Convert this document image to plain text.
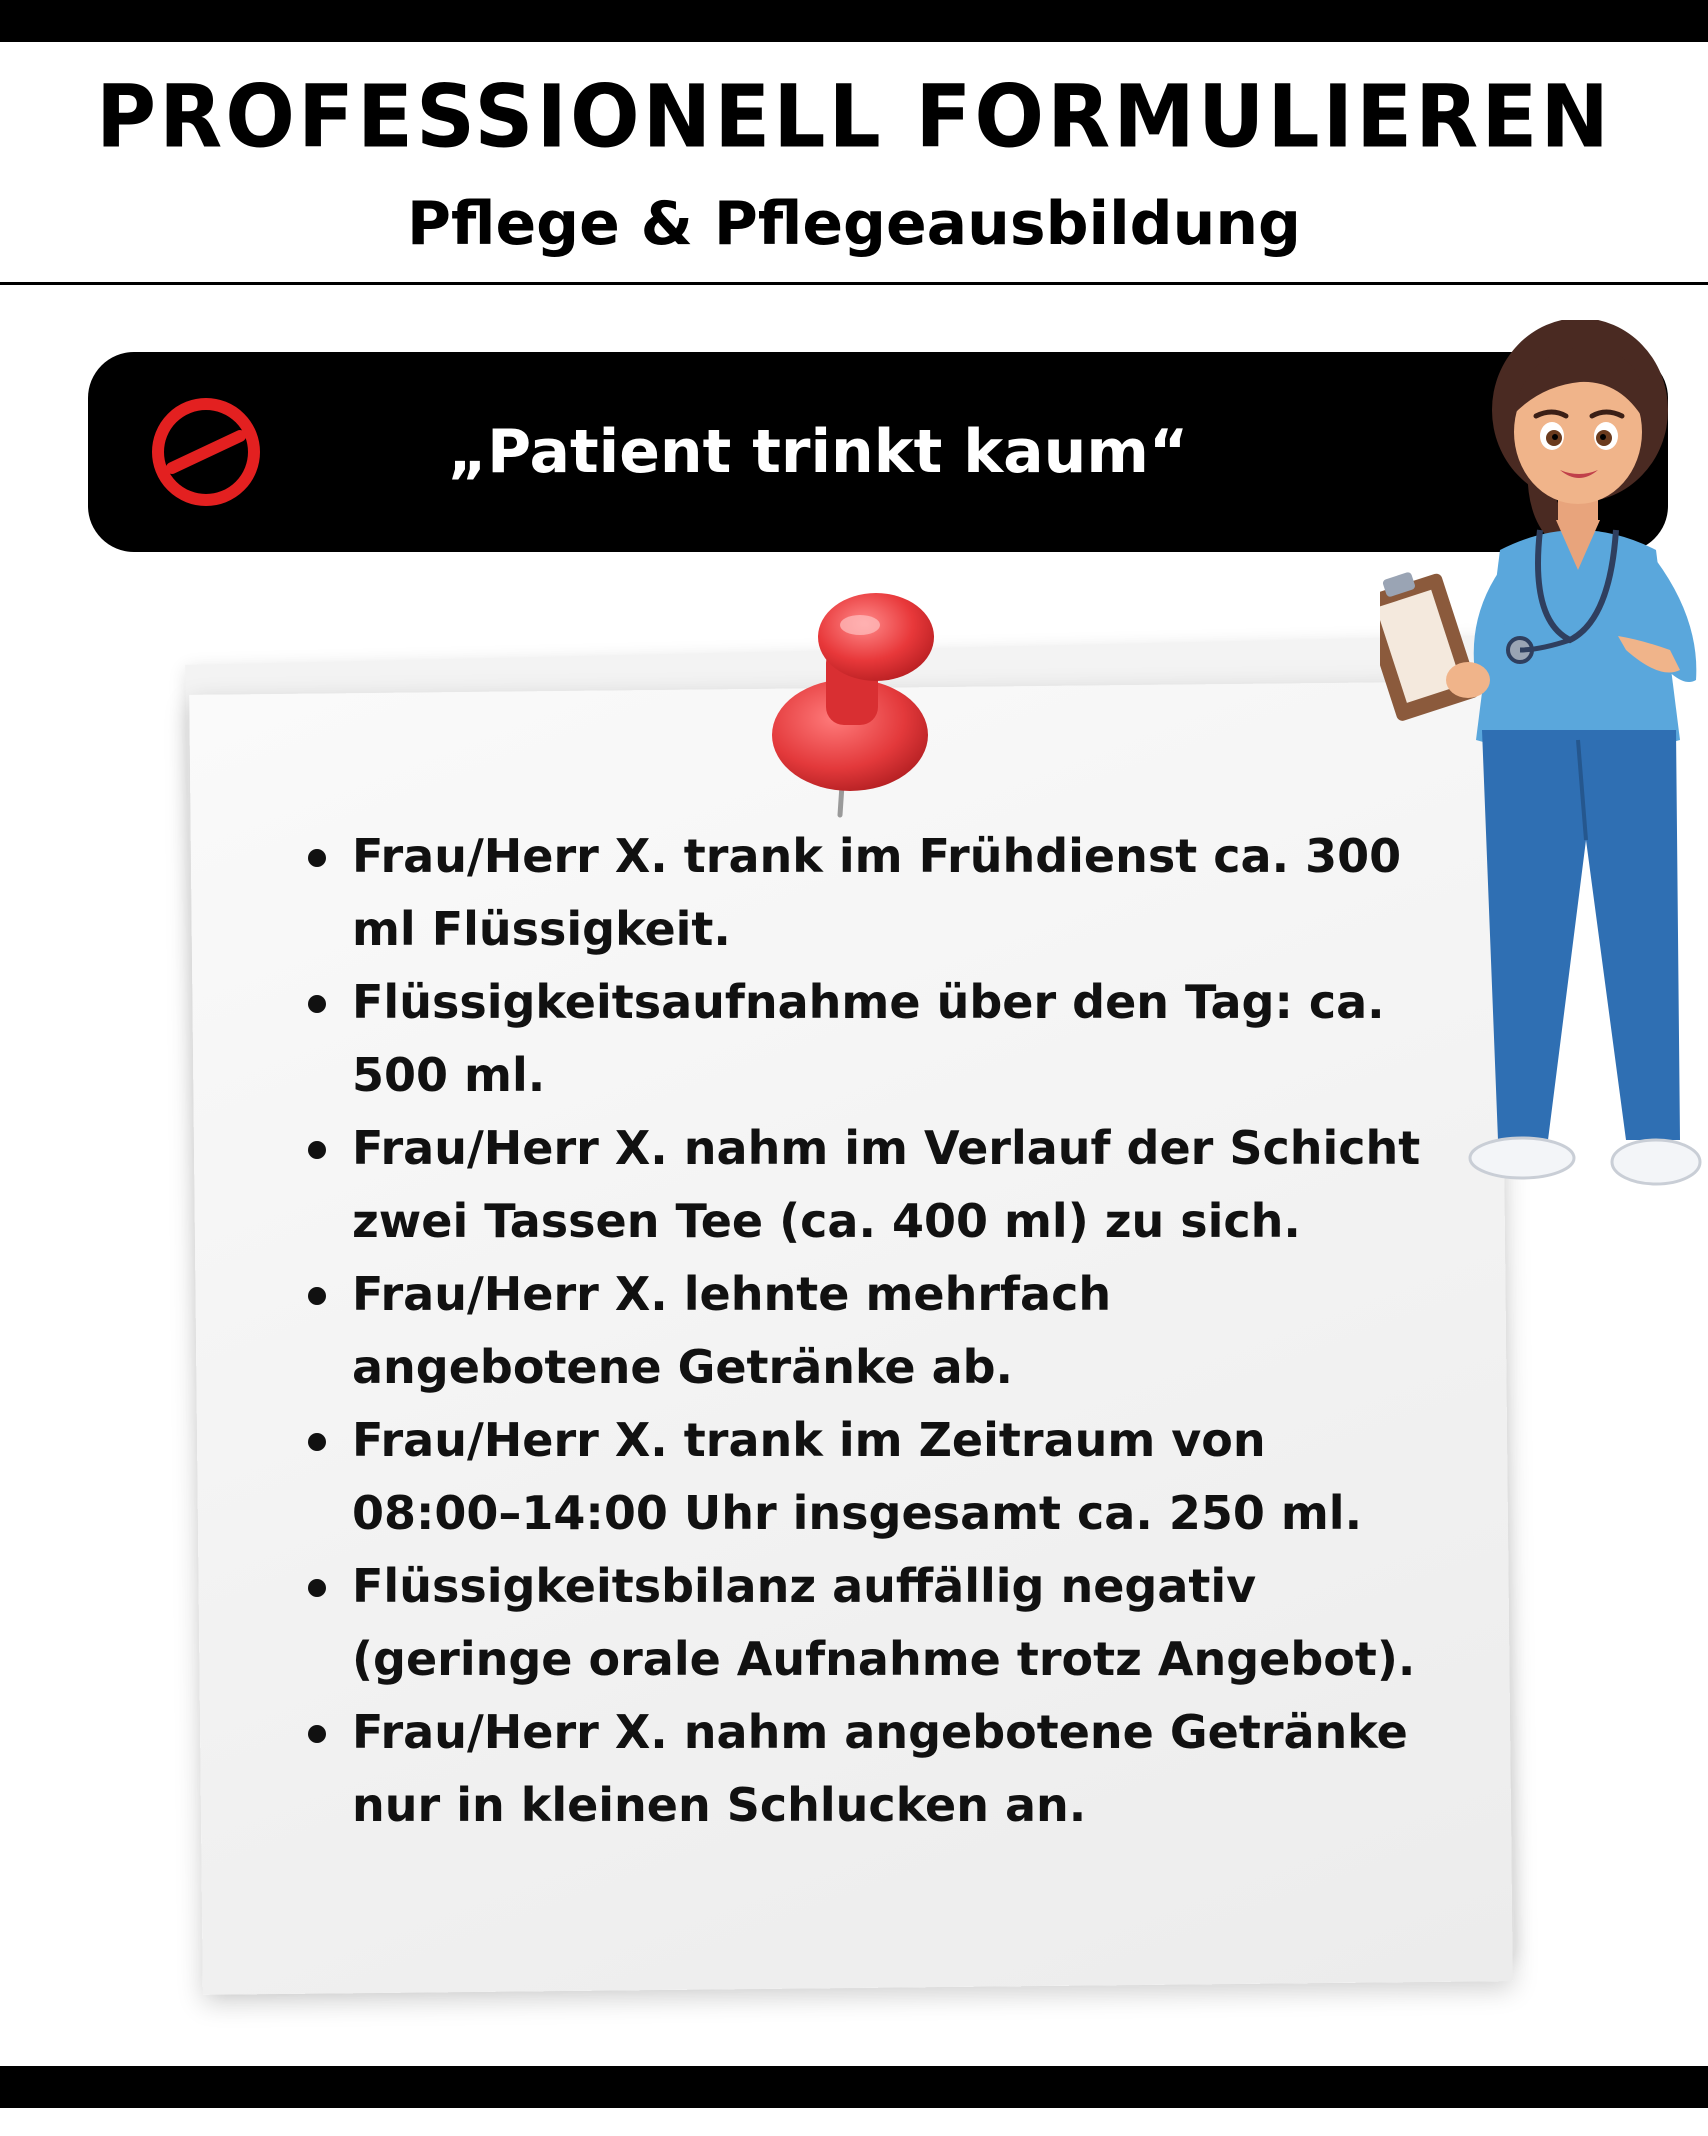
PROFESSIONELL FORMULIEREN
Pflege & Pflegeausbildung
„Patient trinkt kaum“
Frau/Herr X. trank im Frühdienst ca. 300 ml Flüssigkeit.
Flüssigkeitsaufnahme über den Tag: ca. 500 ml.
Frau/Herr X. nahm im Verlauf der Schicht zwei Tassen Tee (ca. 400 ml) zu sich.
Frau/Herr X. lehnte mehrfach angebotene Getränke ab.
Frau/Herr X. trank im Zeitraum von 08:00–14:00 Uhr insgesamt ca. 250 ml.
Flüssigkeitsbilanz auffällig negativ (geringe orale Aufnahme trotz Angebot).
Frau/Herr X. nahm angebotene Getränke nur in kleinen Schlucken an.
